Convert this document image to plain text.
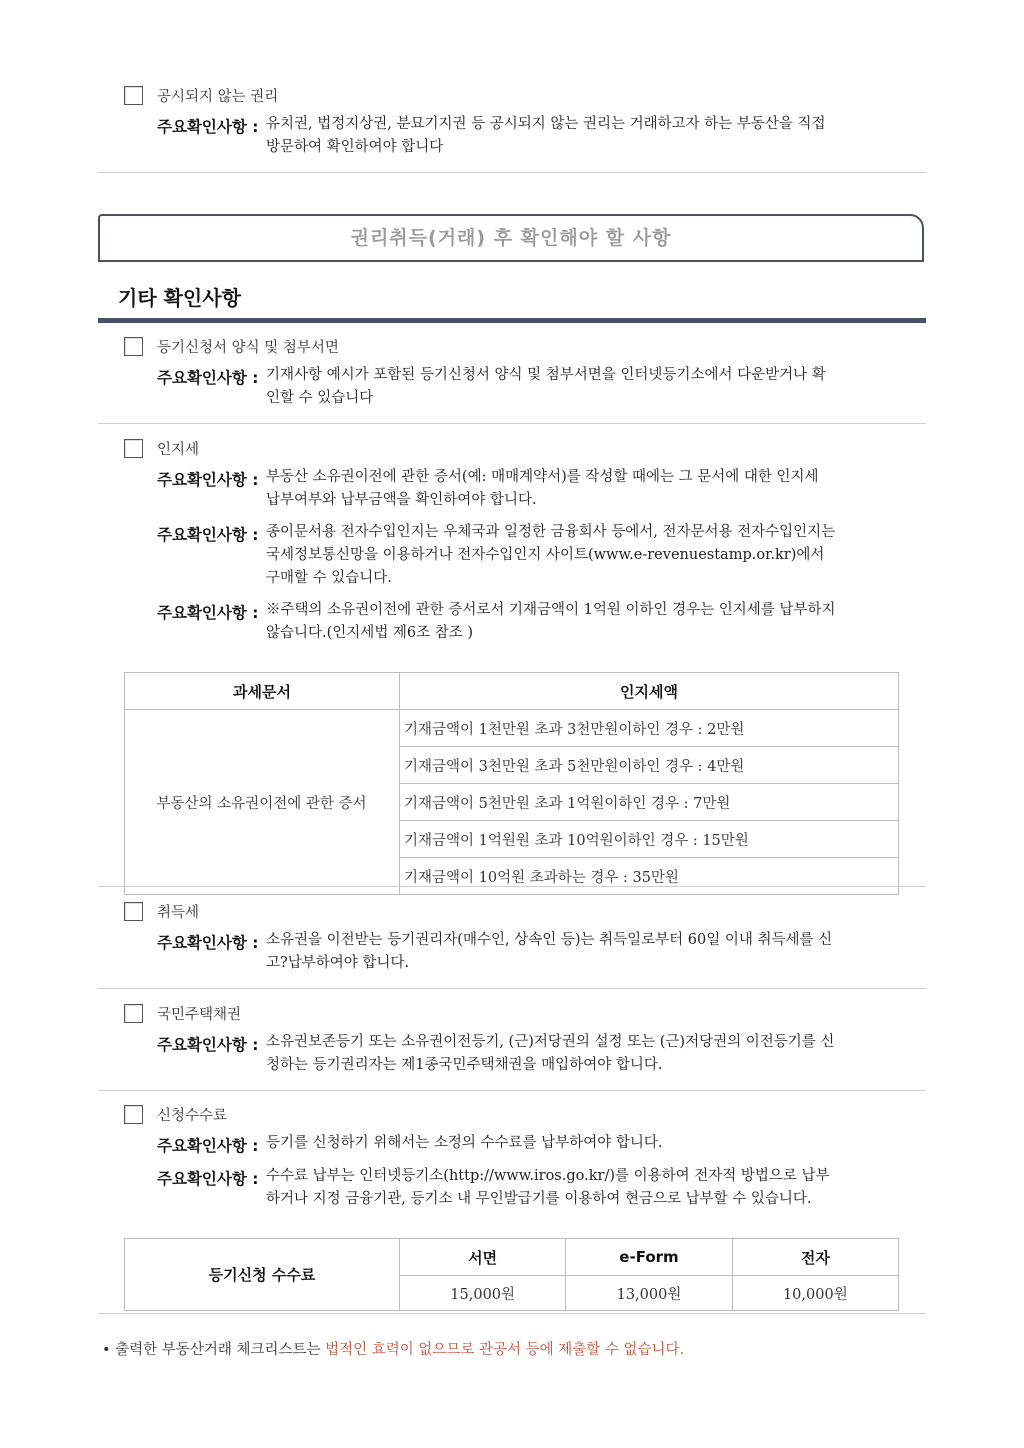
공시되지 않는 권리
주요확인사항 : 유치권, 법정지상권, 분묘기지권 등 공시되지 않는 권리는 거래하고자 하는 부동산을 직접
방문하여 확인하여야 합니다
권리취득(거래) 후 확인해야 할 사항
기타 확인사항
등기신청서 양식 및 첨부서면
주요확인사항 : 기재사항 예시가 포함된 등기신청서 양식 및 첨부서면을 인터넷등기소에서 다운받거나 확
인할 수 있습니다
인지세
주요확인사항 : 부동산 소유권이전에 관한 증서(예: 매매계약서)를 작성할 때에는 그 문서에 대한 인지세
납부여부와 납부금액을 확인하여야 합니다.
주요확인사항 : 종이문서용 전자수입인지는 우체국과 일정한 금융회사 등에서, 전자문서용 전자수입인지는
국세정보통신망을 이용하거나 전자수입인지 사이트(www.e-revenuestamp.or.kr)에서
구매할 수 있습니다.
주요확인사항 : ※주택의 소유권이전에 관한 증서로서 기재금액이 1억원 이하인 경우는 인지세를 납부하지
않습니다.(인지세법 제6조 참조 )
과세문서	인지세액
부동산의 소유권이전에 관한 증서	기재금액이 1천만원 초과 3천만원이하인 경우 : 2만원
	기재금액이 3천만원 초과 5천만원이하인 경우 : 4만원
	기재금액이 5천만원 초과 1억원이하인 경우 : 7만원
	기재금액이 1억원원 초과 10억원이하인 경우 : 15만원
	기재금액이 10억원 초과하는 경우 : 35만원
취득세
주요확인사항 : 소유권을 이전받는 등기권리자(매수인, 상속인 등)는 취득일로부터 60일 이내 취득세를 신
고?납부하여야 합니다.
국민주택채권
주요확인사항 : 소유권보존등기 또는 소유권이전등기, (근)저당권의 설정 또는 (근)저당권의 이전등기를 신
청하는 등기권리자는 제1종국민주택채권을 매입하여야 합니다.
신청수수료
주요확인사항 : 등기를 신청하기 위해서는 소정의 수수료를 납부하여야 합니다.
주요확인사항 : 수수료 납부는 인터넷등기소(http://www.iros.go.kr/)를 이용하여 전자적 방법으로 납부
하거나 지정 금융기관, 등기소 내 무인발급기를 이용하여 현금으로 납부할 수 있습니다.
등기신청 수수료	서면	e-Form	전자
	15,000원	13,000원	10,000원
• 출력한 부동산거래 체크리스트는 법적인 효력이 없으므로 관공서 등에 제출할 수 없습니다.
